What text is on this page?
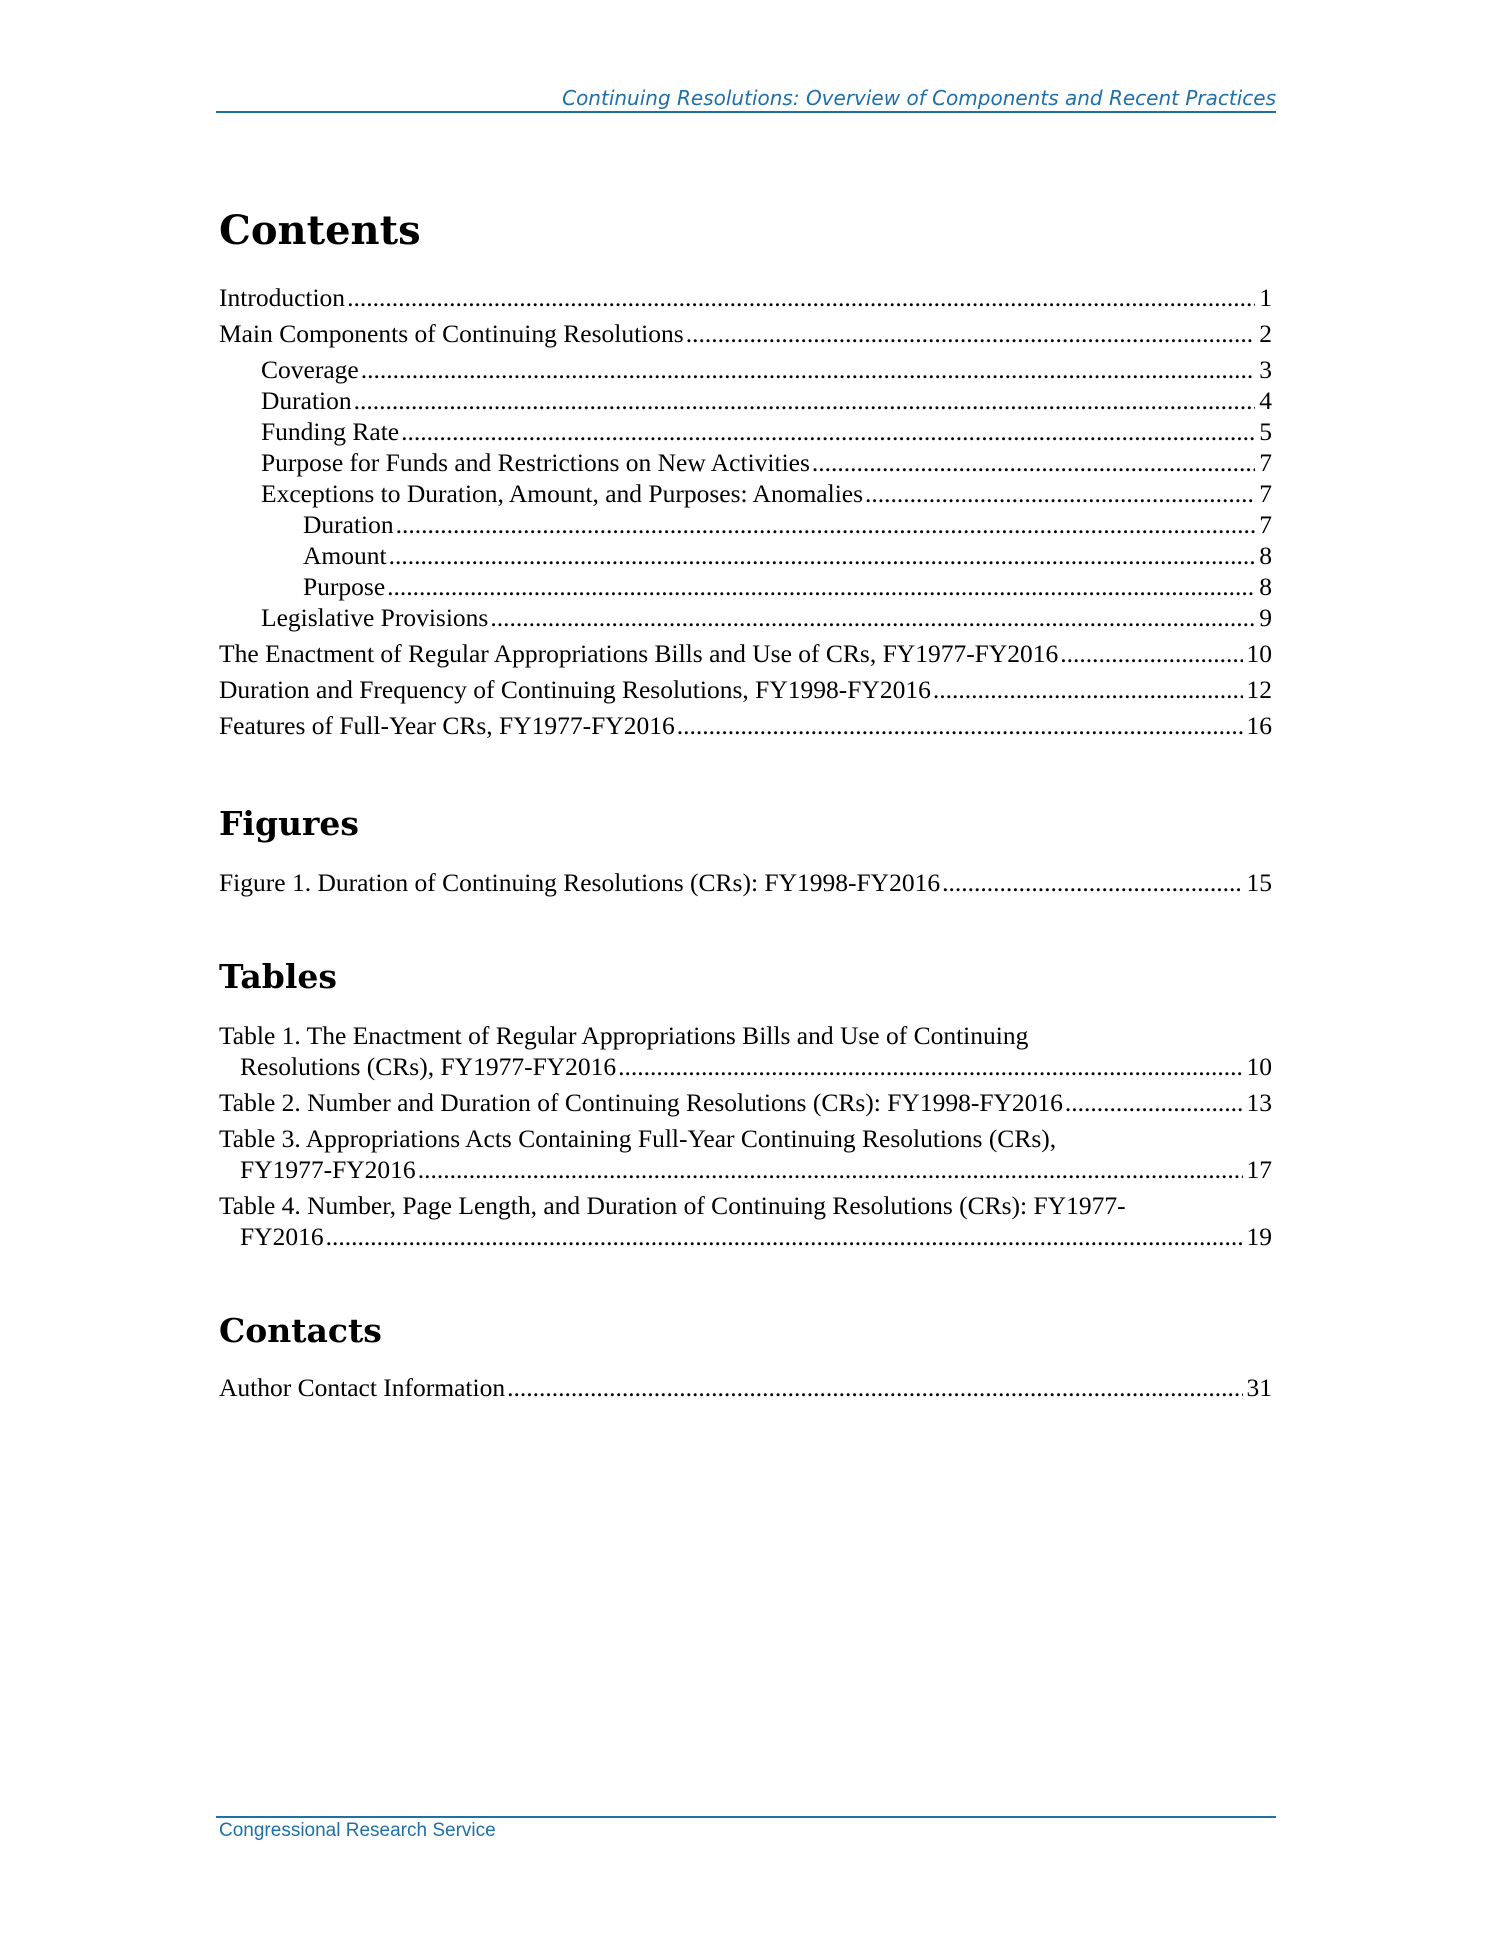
Continuing Resolutions: Overview of Components and Recent Practices
Contents
Introduction .....	1
Main Components of Continuing Resolutions .....	2
Coverage .....	3
Duration .....	4
Funding Rate .....	5
Purpose for Funds and Restrictions on New Activities .....	7
Exceptions to Duration, Amount, and Purposes: Anomalies .....	7
Duration .....	7
Amount .....	8
Purpose .....	8
Legislative Provisions .....	9
The Enactment of Regular Appropriations Bills and Use of CRs, FY1977-FY2016 .....	10
Duration and Frequency of Continuing Resolutions, FY1998-FY2016 .....	12
Features of Full-Year CRs, FY1977-FY2016 .....	16
Figures
Figure 1. Duration of Continuing Resolutions (CRs): FY1998-FY2016 .....	15
Tables
Table 1. The Enactment of Regular Appropriations Bills and Use of Continuing
Resolutions (CRs), FY1977-FY2016 .....	10
Table 2. Number and Duration of Continuing Resolutions (CRs): FY1998-FY2016 .....	13
Table 3. Appropriations Acts Containing Full-Year Continuing Resolutions (CRs),
FY1977-FY2016 .....	17
Table 4. Number, Page Length, and Duration of Continuing Resolutions (CRs): FY1977-
FY2016 .....	19
Contacts
Author Contact Information .....	31
Congressional Research Service
